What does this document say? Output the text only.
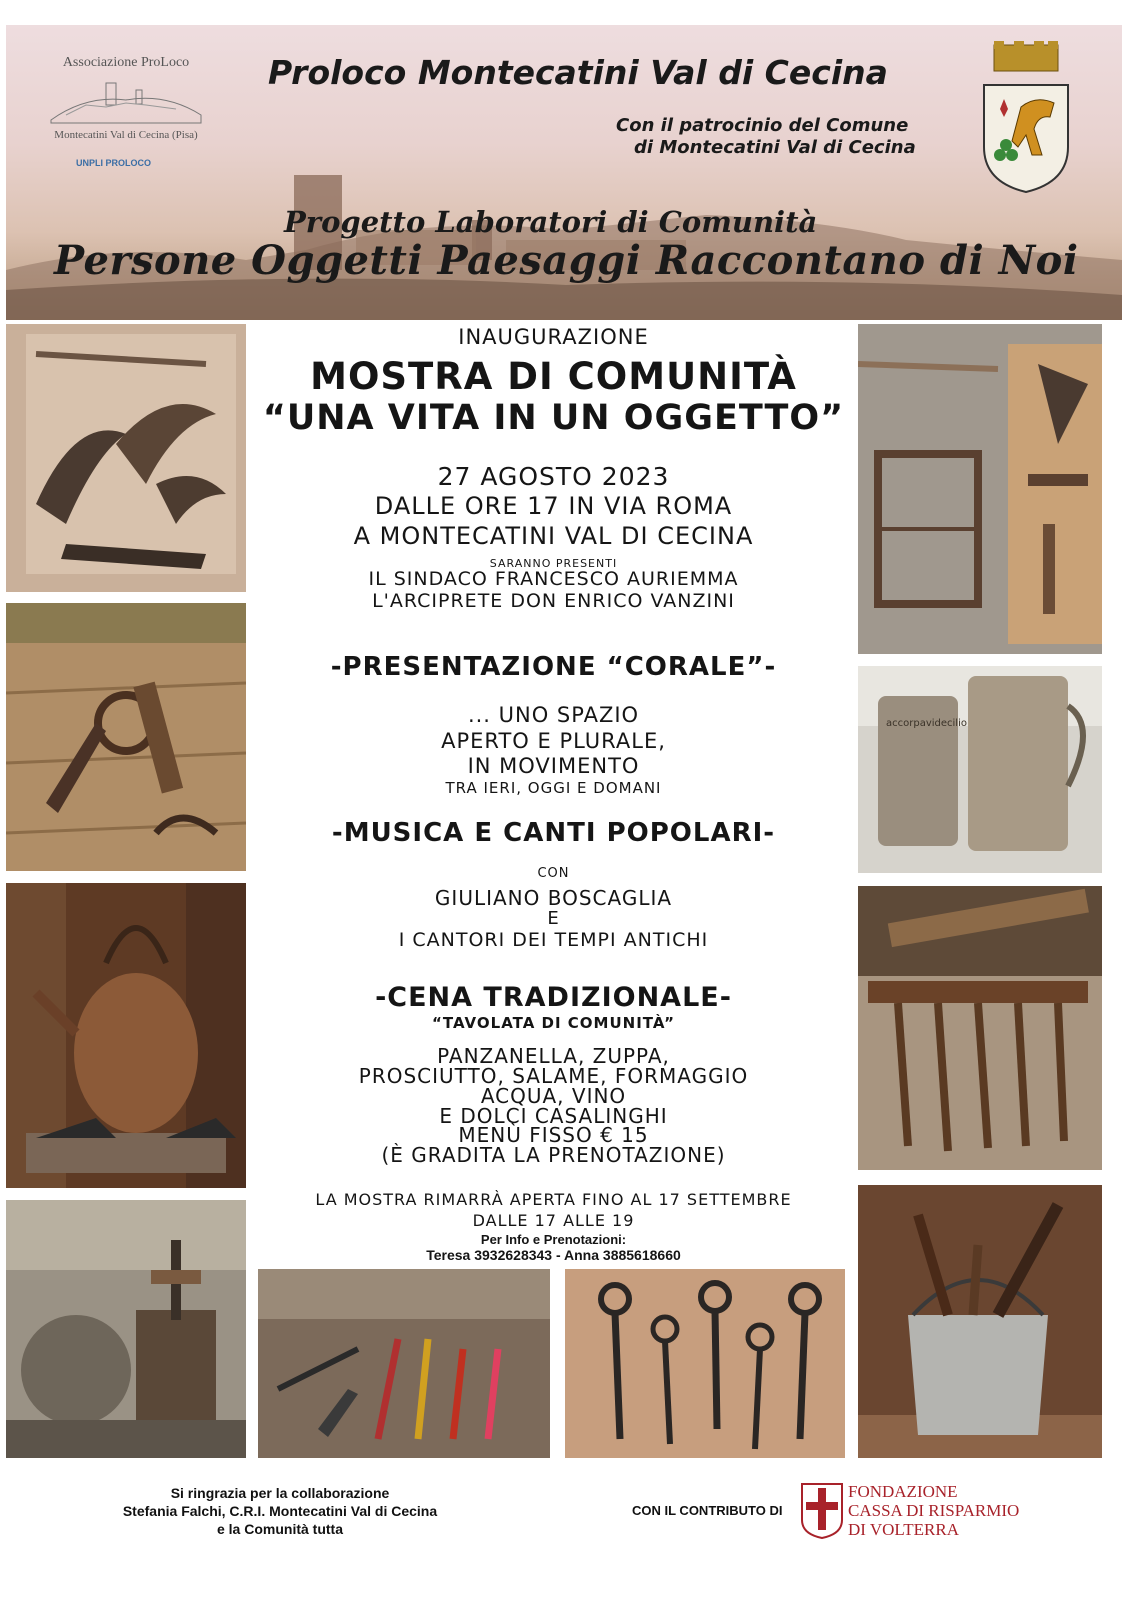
Associazione ProLoco
Montecatini Val di Cecina (Pisa)
UNPLI PROLOCO
Proloco Montecatini Val di Cecina
Con il patrocinio del Comune
di Montecatini Val di Cecina
Progetto Laboratori di Comunità
Persone Oggetti Paesaggi Raccontano di Noi
accorpavidecilio
INAUGURAZIONE
MOSTRA DI COMUNITÀ
“UNA VITA IN UN OGGETTO”
27 AGOSTO 2023
DALLE ORE 17 IN VIA ROMA
A MONTECATINI VAL DI CECINA
SARANNO PRESENTI
IL SINDACO FRANCESCO AURIEMMA
L'ARCIPRETE DON ENRICO VANZINI
-PRESENTAZIONE “CORALE”-
... UNO SPAZIO
APERTO E PLURALE,
IN MOVIMENTO
TRA IERI, OGGI E DOMANI
-MUSICA E CANTI POPOLARI-
CON
GIULIANO BOSCAGLIA
E
I CANTORI DEI TEMPI ANTICHI
-CENA TRADIZIONALE-
“TAVOLATA DI COMUNITÀ”
PANZANELLA, ZUPPA,
PROSCIUTTO, SALAME, FORMAGGIO
ACQUA, VINO
E DOLCI CASALINGHI
MENÙ FISSO € 15
(È GRADITA LA PRENOTAZIONE)
LA MOSTRA RIMARRÀ APERTA FINO AL 17 SETTEMBRE
DALLE 17 ALLE 19
Per Info e Prenotazioni:
Teresa 3932628343 - Anna 3885618660
Si ringrazia per la collaborazione
Stefania Falchi, C.R.I. Montecatini Val di Cecina
e la Comunità tutta
CON IL CONTRIBUTO DI
FONDAZIONE
CASSA DI RISPARMIO
DI VOLTERRA
